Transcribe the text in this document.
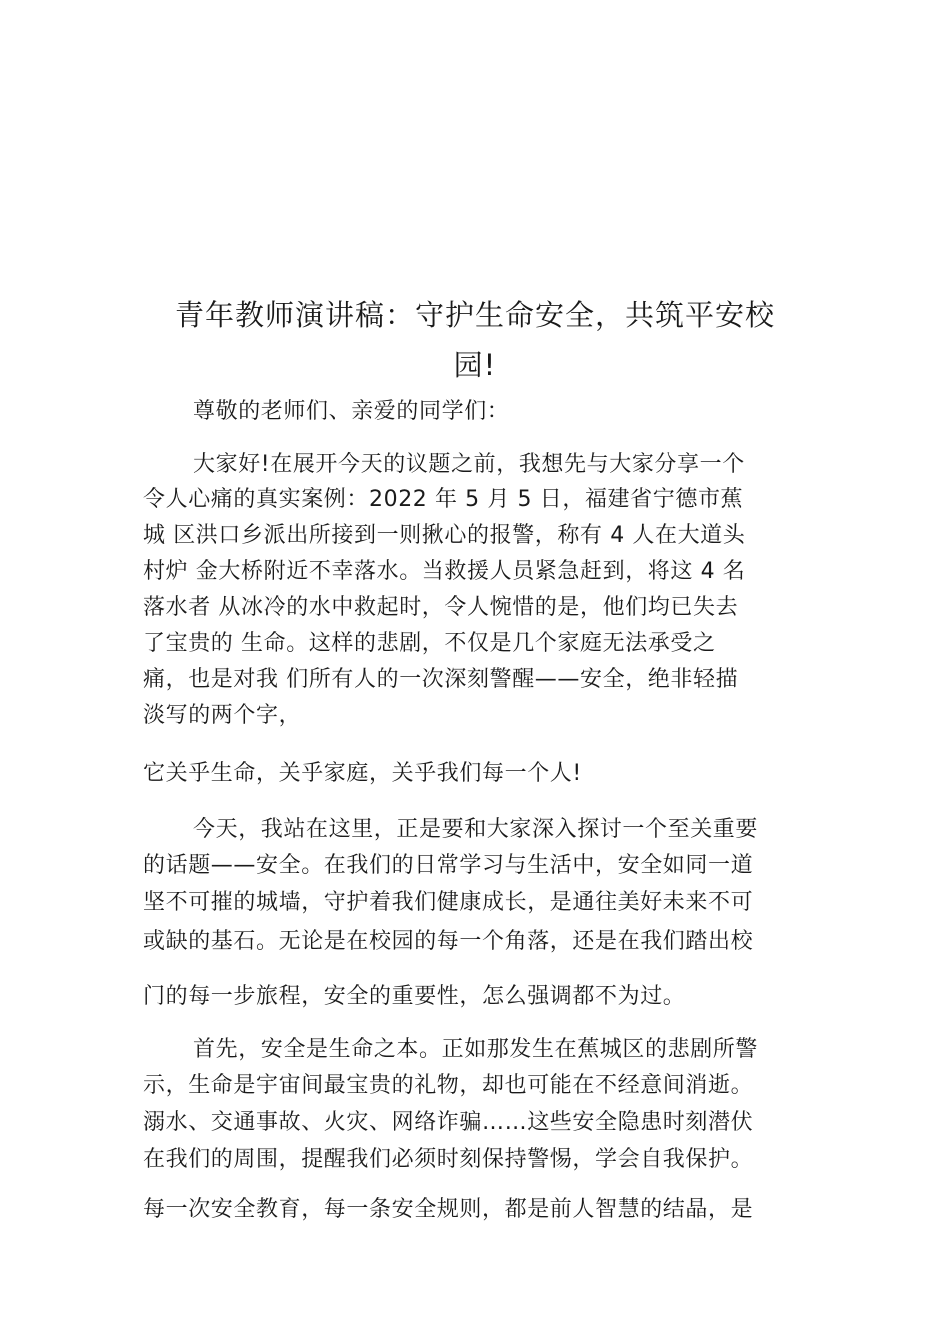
青年教师演讲稿：守护生命安全，共筑平安校
园!
尊敬的老师们、亲爱的同学们：
大家好!在展开今天的议题之前，我想先与大家分享一个
令人心痛的真实案例：2022 年 5 月 5 日，福建省宁德市蕉
城 区洪口乡派出所接到一则揪心的报警，称有 4 人在大道头
村炉 金大桥附近不幸落水。当救援人员紧急赶到，将这 4 名
落水者 从冰冷的水中救起时，令人惋惜的是，他们均已失去
了宝贵的 生命。这样的悲剧，不仅是几个家庭无法承受之
痛，也是对我 们所有人的一次深刻警醒——安全，绝非轻描
淡写的两个字，
它关乎生命，关乎家庭，关乎我们每一个人!
今天，我站在这里，正是要和大家深入探讨一个至关重要
的话题——安全。在我们的日常学习与生活中，安全如同一道
坚不可摧的城墙，守护着我们健康成长，是通往美好未来不可
或缺的基石。无论是在校园的每一个角落，还是在我们踏出校
门的每一步旅程，安全的重要性，怎么强调都不为过。
首先，安全是生命之本。正如那发生在蕉城区的悲剧所警
示，生命是宇宙间最宝贵的礼物，却也可能在不经意间消逝。
溺水、交通事故、火灾、网络诈骗……这些安全隐患时刻潜伏
在我们的周围，提醒我们必须时刻保持警惕，学会自我保护。
每一次安全教育，每一条安全规则，都是前人智慧的结晶，是
